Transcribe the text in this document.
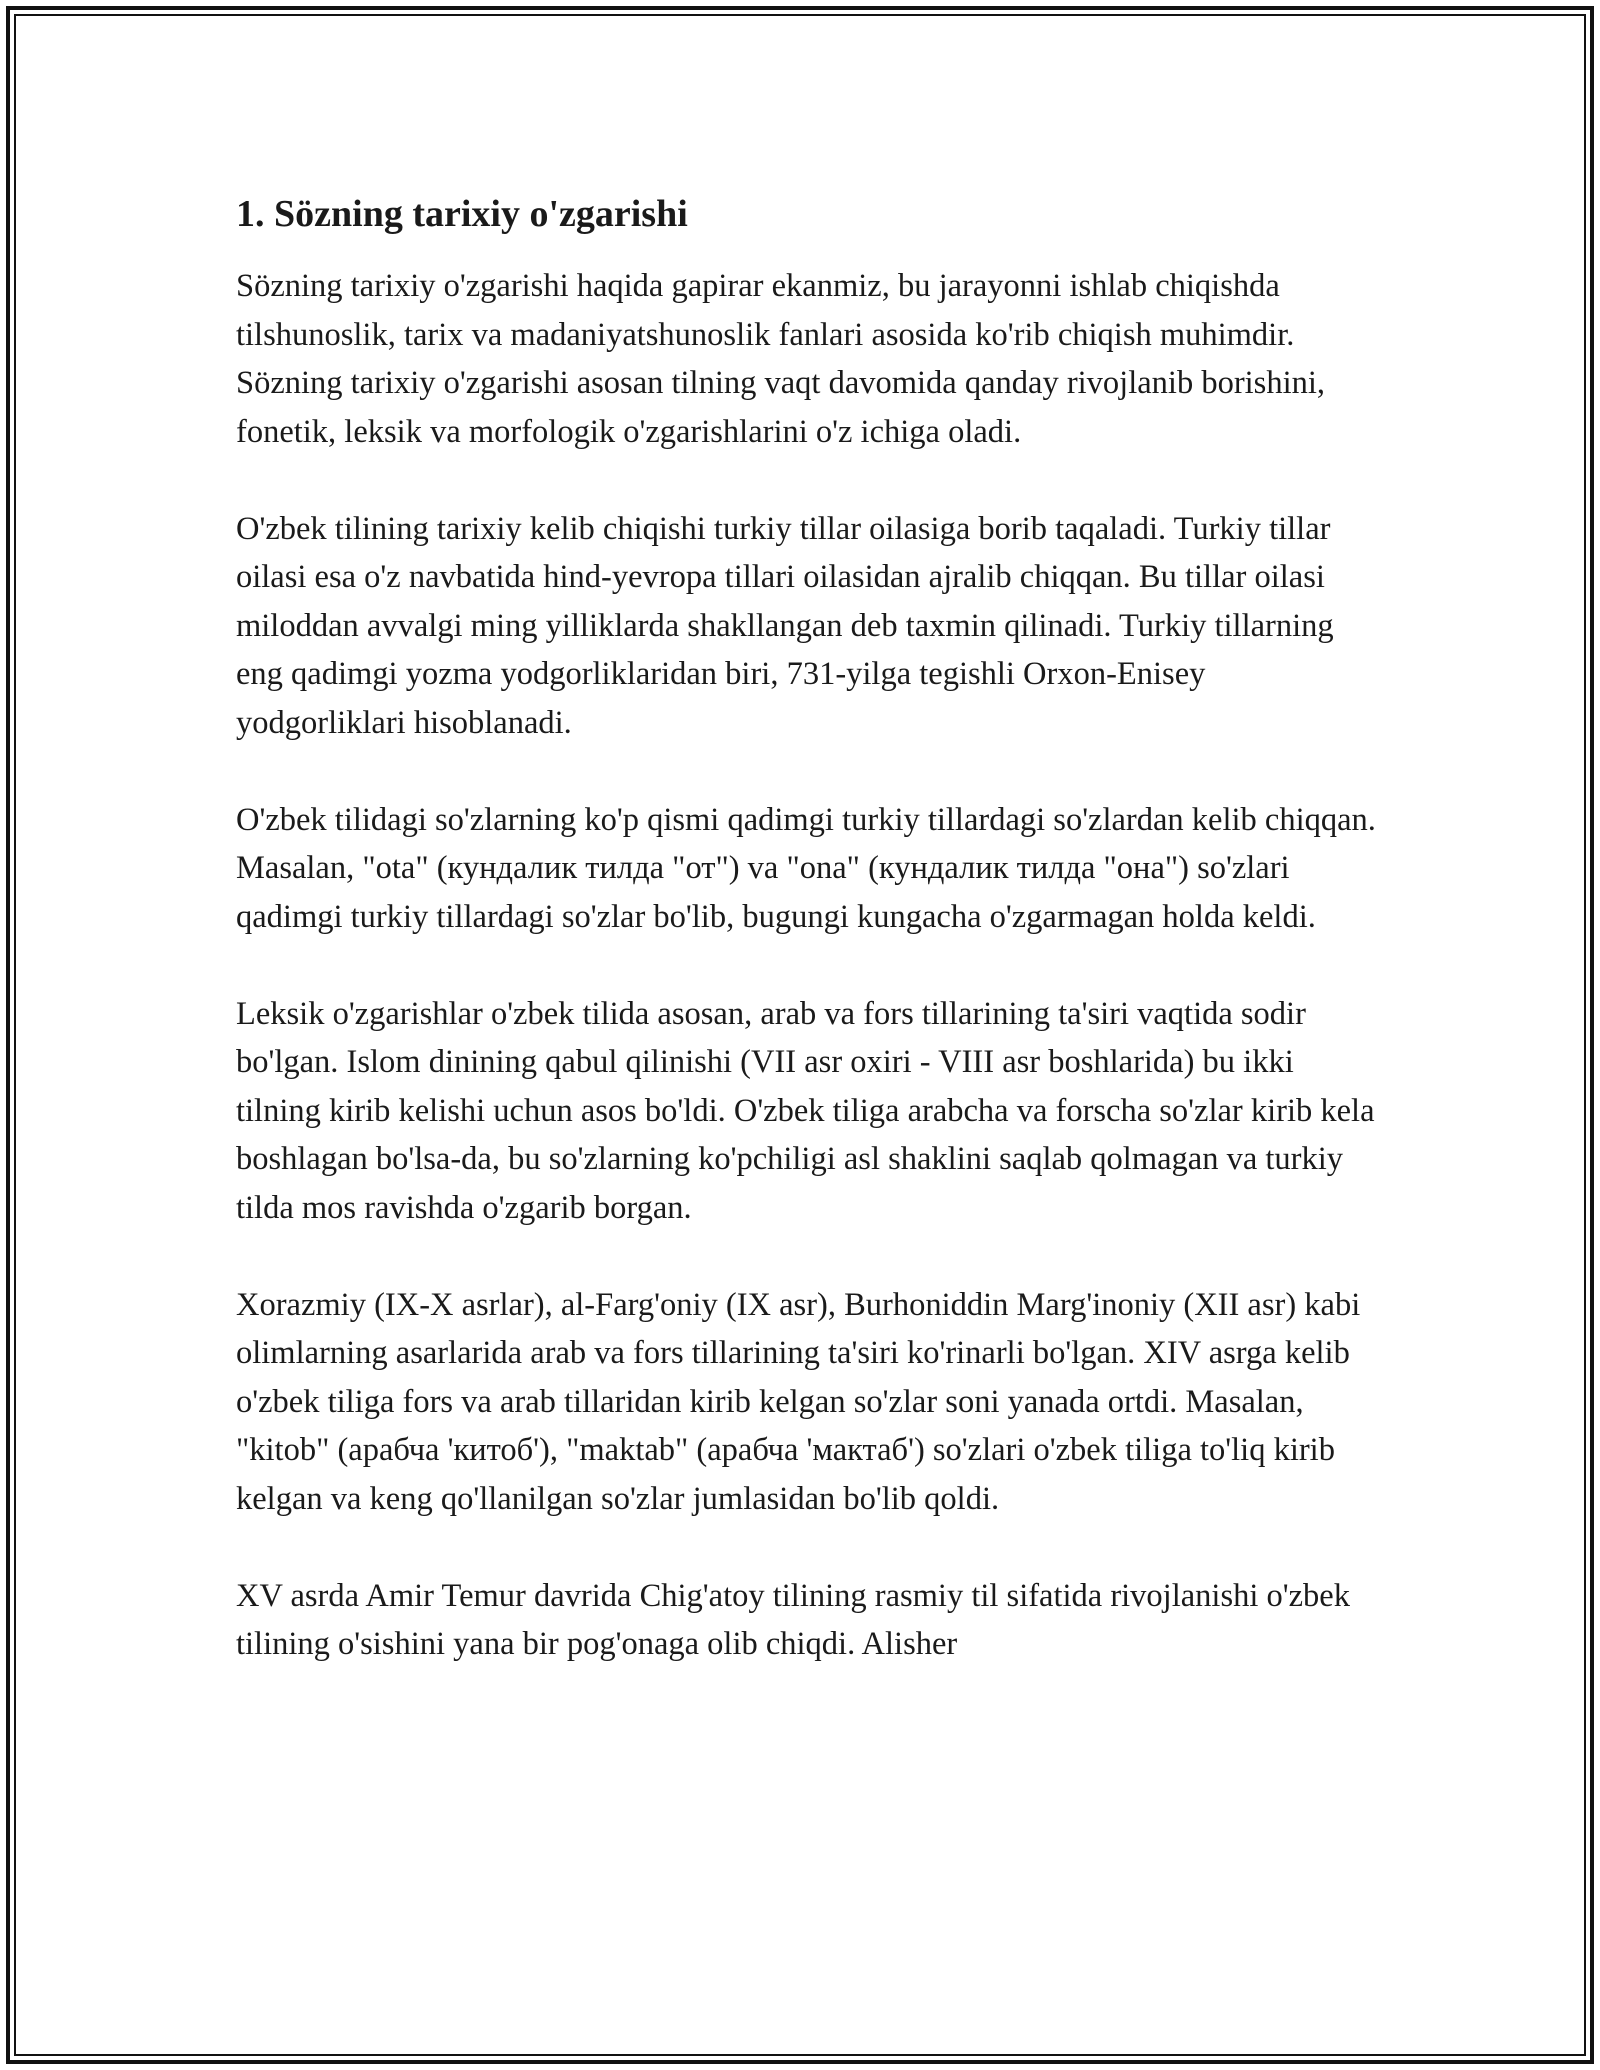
1. Sözning tarixiy o'zgarishi

Sözning tarixiy o'zgarishi haqida gapirar ekanmiz, bu jarayonni ishlab chiqishda tilshunoslik, tarix va madaniyatshunoslik fanlari asosida ko'rib chiqish muhimdir. Sözning tarixiy o'zgarishi asosan tilning vaqt davomida qanday rivojlanib borishini, fonetik, leksik va morfologik o'zgarishlarini o'z ichiga oladi.

O'zbek tilining tarixiy kelib chiqishi turkiy tillar oilasiga borib taqaladi. Turkiy tillar oilasi esa o'z navbatida hind-yevropa tillari oilasidan ajralib chiqqan. Bu tillar oilasi miloddan avvalgi ming yilliklarda shakllangan deb taxmin qilinadi. Turkiy tillarning eng qadimgi yozma yodgorliklaridan biri, 731-yilga tegishli Orxon-Enisey yodgorliklari hisoblanadi.

O'zbek tilidagi so'zlarning ko'p qismi qadimgi turkiy tillardagi so'zlardan kelib chiqqan. Masalan, "ota" (кундалик тилда "от") va "ona" (кундалик тилда "она") so'zlari qadimgi turkiy tillardagi so'zlar bo'lib, bugungi kungacha o'zgarmagan holda keldi.

Leksik o'zgarishlar o'zbek tilida asosan, arab va fors tillarining ta'siri vaqtida sodir bo'lgan. Islom dinining qabul qilinishi (VII asr oxiri - VIII asr boshlarida) bu ikki tilning kirib kelishi uchun asos bo'ldi. O'zbek tiliga arabcha va forscha so'zlar kirib kela boshlagan bo'lsa-da, bu so'zlarning ko'pchiligi asl shaklini saqlab qolmagan va turkiy tilda mos ravishda o'zgarib borgan.

Xorazmiy (IX-X asrlar), al-Farg'oniy (IX asr), Burhoniddin Marg'inoniy (XII asr) kabi olimlarning asarlarida arab va fors tillarining ta'siri ko'rinarli bo'lgan. XIV asrga kelib o'zbek tiliga fors va arab tillaridan kirib kelgan so'zlar soni yanada ortdi. Masalan, "kitob" (арабча 'китоб'), "maktab" (арабча 'мактаб') so'zlari o'zbek tiliga to'liq kirib kelgan va keng qo'llanilgan so'zlar jumlasidan bo'lib qoldi.

XV asrda Amir Temur davrida Chig'atoy tilining rasmiy til sifatida rivojlanishi o'zbek tilining o'sishini yana bir pog'onaga olib chiqdi. Alisher
